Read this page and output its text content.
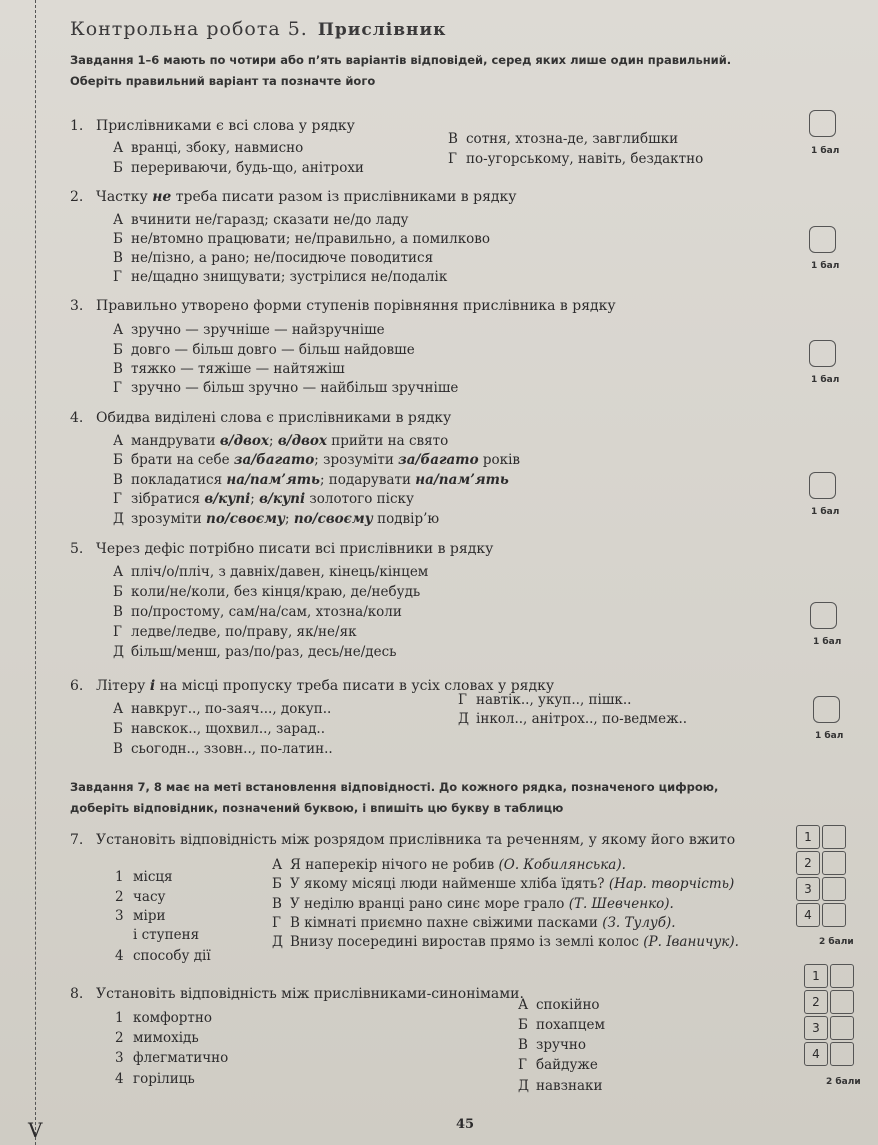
Контрольна робота 5. Прислівник
Завдання 1–6 мають по чотири або п’ять варіантів відповідей, серед яких лише один правильний.
Оберіть правильний варіант та позначте його
1. Прислівниками є всі слова у рядку
А вранці, збоку, навмисно
Б перериваючи, будь-що, анітрохи
В сотня, хтозна-де, завглибшки
Г по-угорському, навіть, бездактно	1 бал
2. Частку не треба писати разом із прислівниками в рядку
А вчинити не/гаразд; сказати не/до ладу
Б не/втомно працювати; не/правильно, а помилково
В не/пізно, а рано; не/посидюче поводитися
Г не/щадно знищувати; зустрілися не/подалік
1 бал
3. Правильно утворено форми ступенів порівняння прислівника в рядку
А зручно — зручніше — найзручніше
Б довго — більш довго — більш найдовше
В тяжко — тяжіше — найтяжіш
Г зручно — більш зручно — найбільш зручніше	1 бал
4. Обидва виділені слова є прислівниками в рядку
А мандрувати в/двох; в/двох прийти на свято
Б брати на себе за/багато; зрозуміти за/багато років
В покладатися на/пам’ять; подарувати на/пам’ять
Г зібратися в/купі; в/купі золотого піску
Д зрозуміти по/своєму; по/своєму подвір’ю	1 бал
5. Через дефіс потрібно писати всі прислівники в рядку
А пліч/о/пліч, з давніх/давен, кінець/кінцем
Б коли/не/коли, без кінця/краю, де/небудь
В по/простому, сам/на/сам, хтозна/коли
Г ледве/ледве, по/праву, як/не/як
Д більш/менш, раз/по/раз, десь/не/десь
1 бал
6. Літеру і на місці пропуску треба писати в усіх словах у рядку
А навкруг.., по-заяч..., докуп..
Б навскок.., щохвил.., зарад..
В сьогодн.., ззовн.., по-латин..
Г навтік.., укуп.., пішк..
Д інкол.., анітрох.., по-ведмеж..
1 бал
Завдання 7, 8 має на меті встановлення відповідності. До кожного рядка, позначеного цифрою,
доберіть відповідник, позначений буквою, і впишіть цю букву в таблицю
7. Установіть відповідність між розрядом прислівника та реченням, у якому його вжито
1 місця
2 часу
3 міри
і ступеня
4 способу дії
А Я наперекір нічого не робив (О. Кобилянська).
Б У якому місяці люди найменше хліба їдять? (Нар. творчість)
В У неділю вранці рано синє море грало (Т. Шевченко).
Г В кімнаті приємно пахне свіжими пасками (З. Тулуб).
Д Внизу посередині виростав прямо із землі колос (Р. Іваничук).
1
2
3
4
2 бали
8. Установіть відповідність між прислівниками-синонімами.
1 комфортно
2 мимохідь
3 флегматично
4 горілиць
А спокійно
Б похапцем
В зручно
Г байдуже
Д навзнаки
1
2
3
4
2 бали
45
V
